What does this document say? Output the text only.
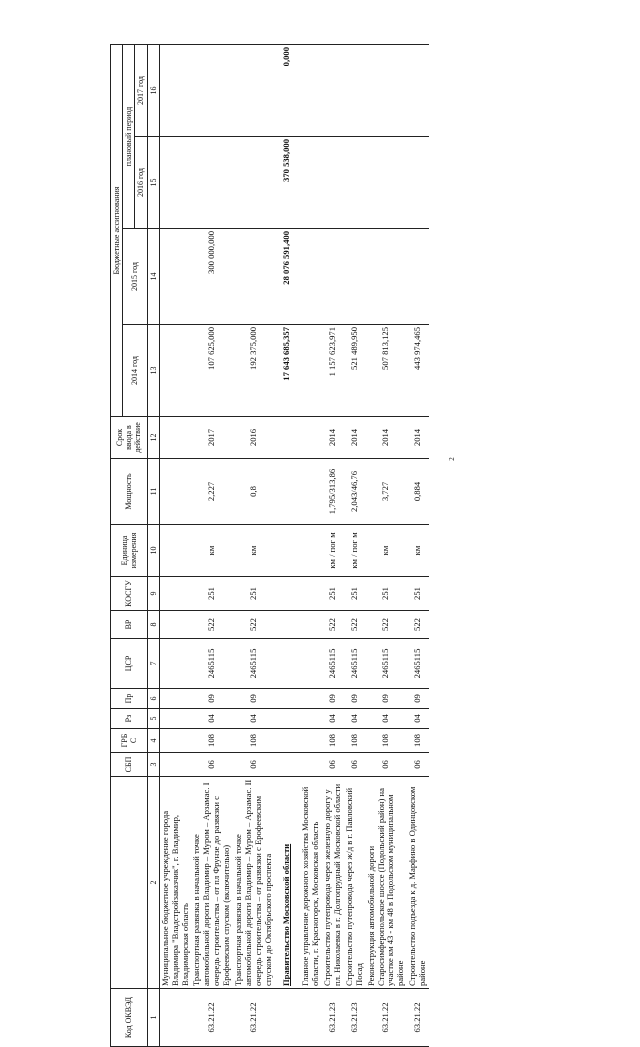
Код ОКВЭД		СБП	ГРБ С	Рз	Пр	ЦСР	ВР	КОСГУ	Единица измерения	Мощность	Срок ввода в действие	Бюджетные ассигнования			
												2014 год	2015 год	плановый период	
														2016 год	2017 год

1	2	3	4	5	6	7	8	9	10	11	12	13	14	15	16
	Муниципальное бюджетное учреждение города Владимира "Владстройзаказчик", г. Владимир, Владимирская область														
63.21.22	Транспортная развязка в начальной точке автомобильной дороги Владимир – Муром – Арзамас. I очередь строительства – от пл Фрунзе до развязки с Ерофеевским спуском (включительно)	06	108	04	09	2465115	522	251	км	2,227	2017	107 625,000	300 000,000		
63.21.22	Транспортная развязка в начальной точке автомобильной дороги Владимир – Муром – Арзамас. II очередь строительства – от развязки с Ерофеевским спуском до Октябрьского проспекта	06	108	04	09	2465115	522	251	км	0,8	2016	192 375,000			
	Правительство Московской области											17 643 685,357	28 076 591,400	370 538,000	0,000
	Главное управление дорожного хозяйства Московской области, г. Красногорск, Московская область														
63.21.23	Строительство путепровода через железную дорогу у пл. Николаевка в г. Долгопрудный Московской области	06	108	04	09	2465115	522	251	км / пог м	1,795/313,86	2014	1 157 623,971			
63.21.23	Строительство путепровода через ж/д в г. Павловский Посад	06	108	04	09	2465115	522	251	км / пог м	2,043/46,76	2014	521 489,950			
63.21.22	Реконструкция автомобильной дороги Старосимферопольское шоссе (Подольский район) на участке км 43 - км 48 в Подольском муниципальном районе	06	108	04	09	2465115	522	251	км	3,727	2014	507 813,125			
63.21.22	Строительство подъезда к д. Марфино в Одинцовском районе	06	108	04	09	2465115	522	251	км	0,884	2014	443 974,465			
2
